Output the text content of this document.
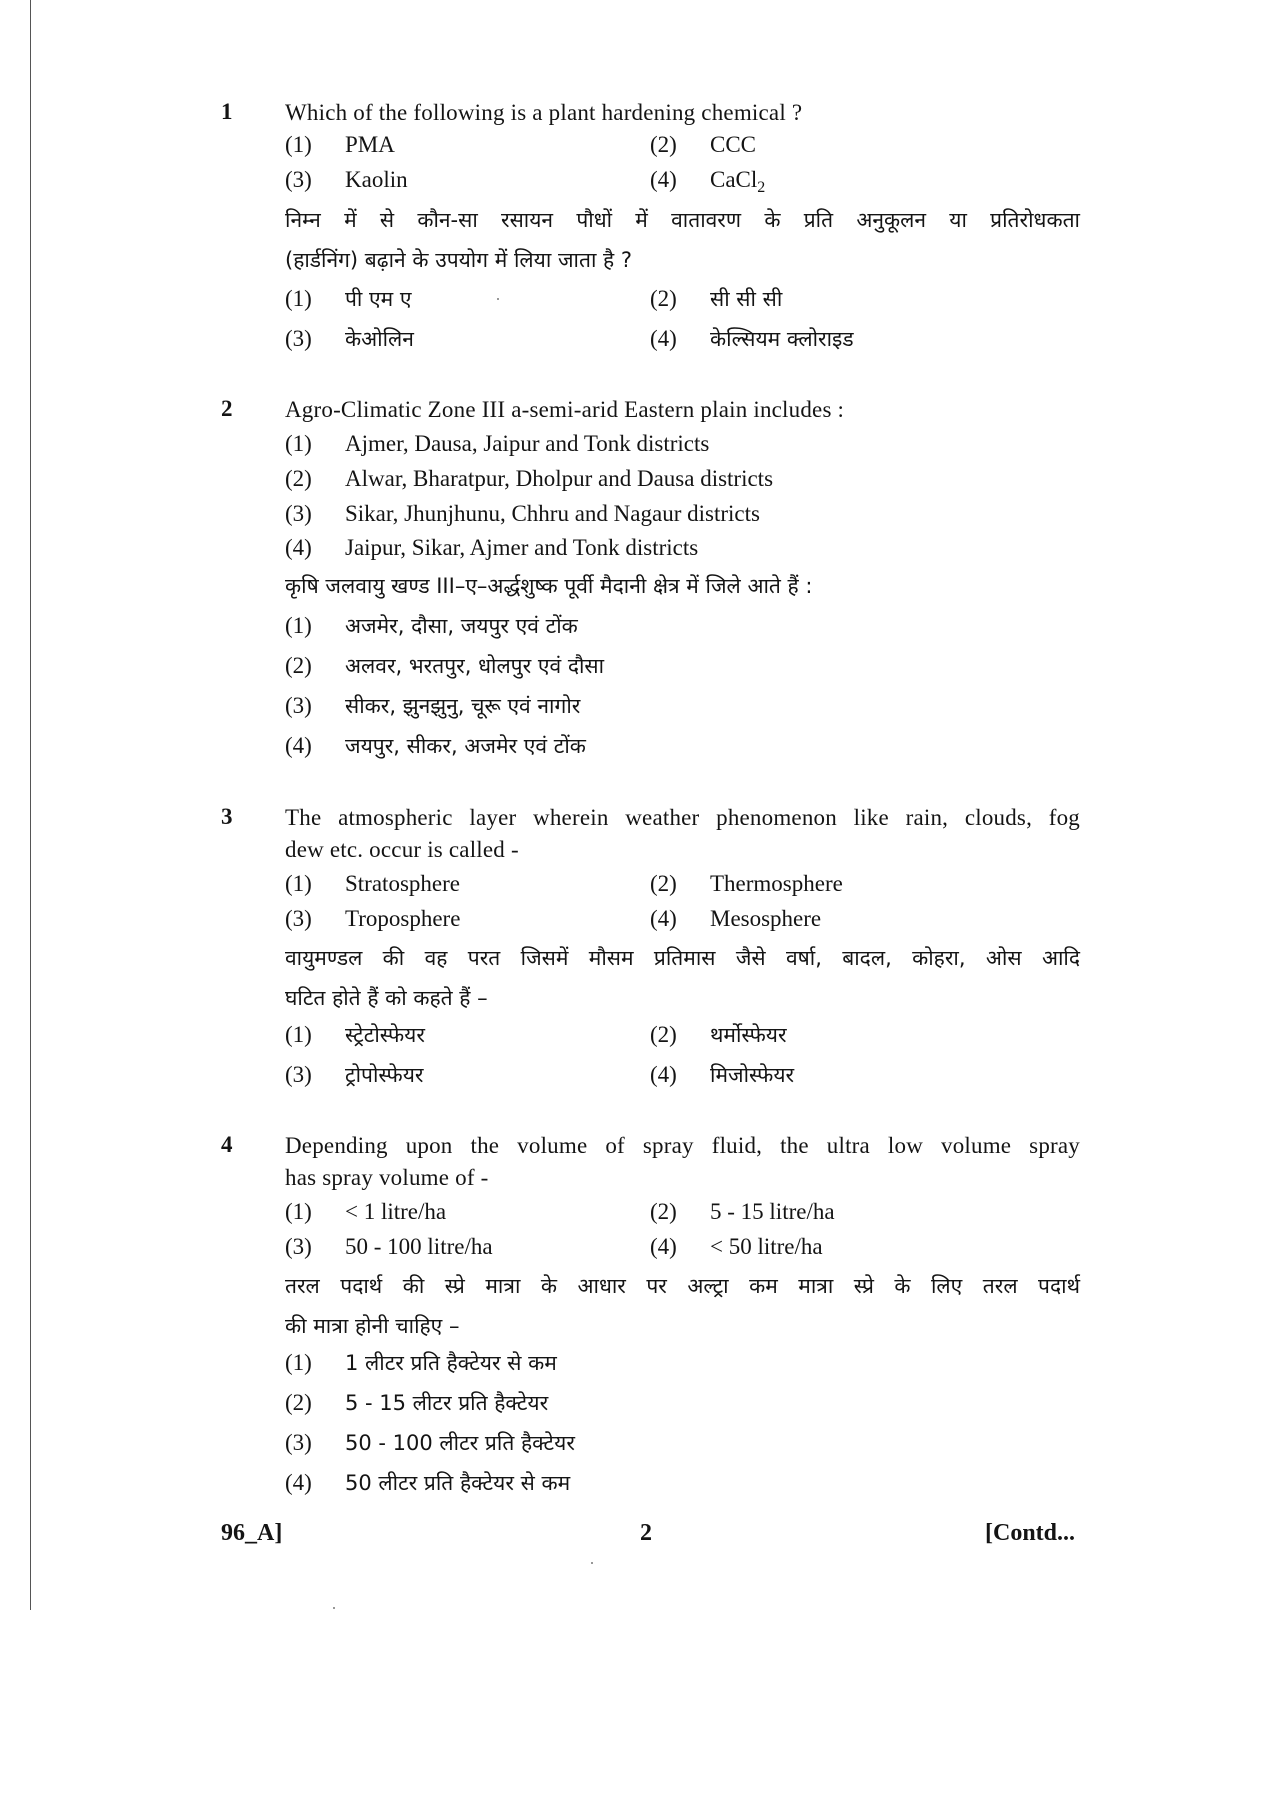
1 Which of the following is a plant hardening chemical ?
(1) PMA	(2) CCC
(3) Kaolin	(4) CaCl$_2$
निम्न में से कौन-सा रसायन पौधों में वातावरण के प्रति अनुकूलन या प्रतिरोधकता
(हार्डनिंग) बढ़ाने के उपयोग में लिया जाता है ?
(1) पी एम ए	(2) सी सी सी
(3) केओलिन	(4) केल्सियम क्लोराइड
2 Agro-Climatic Zone III a-semi-arid Eastern plain includes :
(1) Ajmer, Dausa, Jaipur and Tonk districts
(2) Alwar, Bharatpur, Dholpur and Dausa districts
(3) Sikar, Jhunjhunu, Chhru and Nagaur districts
(4) Jaipur, Sikar, Ajmer and Tonk districts
कृषि जलवायु खण्ड III–ए–अर्द्धशुष्क पूर्वी मैदानी क्षेत्र में जिले आते हैं :
(1) अजमेर, दौसा, जयपुर एवं टोंक
(2) अलवर, भरतपुर, धोलपुर एवं दौसा
(3) सीकर, झुनझुनु, चूरू एवं नागोर
(4) जयपुर, सीकर, अजमेर एवं टोंक
3 The atmospheric layer wherein weather phenomenon like rain, clouds, fog
dew etc. occur is called -
(1) Stratosphere	(2) Thermosphere
(3) Troposphere	(4) Mesosphere
वायुमण्डल की वह परत जिसमें मौसम प्रतिमास जैसे वर्षा, बादल, कोहरा, ओस आदि
घटित होते हैं को कहते हैं –
(1) स्ट्रेटोस्फेयर	(2) थर्मोस्फेयर
(3) ट्रोपोस्फेयर	(4) मिजोस्फेयर
4 Depending upon the volume of spray fluid, the ultra low volume spray
has spray volume of -
(1) < 1 litre/ha	(2) 5 - 15 litre/ha
(3) 50 - 100 litre/ha	(4) < 50 litre/ha
तरल पदार्थ की स्प्रे मात्रा के आधार पर अल्ट्रा कम मात्रा स्प्रे के लिए तरल पदार्थ
की मात्रा होनी चाहिए –
(1) 1 लीटर प्रति हैक्टेयर से कम
(2) 5 - 15 लीटर प्रति हैक्टेयर
(3) 50 - 100 लीटर प्रति हैक्टेयर
(4) 50 लीटर प्रति हैक्टेयर से कम
96_A]	2	[Contd...
